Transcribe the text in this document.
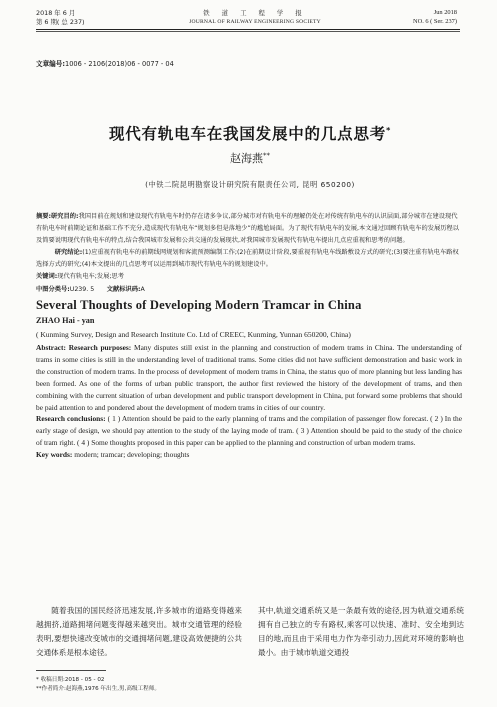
2018 年 6 月
第 6 期( 总 237)
铁 道 工 程 学 报
JOURNAL OF RAILWAY ENGINEERING SOCIETY
Jun 2018
NO. 6 ( Ser. 237)
文章编号:1006 - 2106(2018)06 - 0077 - 04
现代有轨电车在我国发展中的几点思考*
赵海燕**
(中铁二院昆明勘察设计研究院有限责任公司, 昆明 650200)

摘要:研究目的:我国目前在规划和建设现代有轨电车时仍存在诸多争议,部分城市对有轨电车的理解仍处在对传统有轨电车的认识层面,部分城市在建设现代有轨电车时前期论证和基础工作不充分,造成现代有轨电车“规划多但是落地少”的尴尬局面。为了现代有轨电车的发展,本文通过回顾有轨电车的发展历程以及简要说明现代有轨电车的特点,结合我国城市发展和公共交通的发展现状,对我国城市发展现代有轨电车提出几点应重视和思考的问题。

研究结论:(1)应重视有轨电车的前期线网规划和客流预测编制工作;(2)在前期设计阶段,要重视有轨电车线路敷设方式的研究;(3)要注重有轨电车路权选择方式的研究;(4)本文提出的几点思考可以运用到城市现代有轨电车的规划建设中。

关键词:现代有轨电车;发展;思考

中图分类号:U239. 5   文献标识码:A

Several Thoughts of Developing Modern Tramcar in China
ZHAO Hai - yan
( Kunming Survey, Design and Research Institute Co. Ltd of CREEC, Kunming, Yunnan 650200, China)

Abstract: Research purposes: Many disputes still exist in the planning and construction of modern trams in China. The understanding of trams in some cities is still in the understanding level of traditional trams. Some cities did not have sufficient demonstration and basic work in the construction of modern trams. In the process of development of modern trams in China, the status quo of more planning but less landing has been formed. As one of the forms of urban public transport, the author first reviewed the history of the development of trams, and then combining with the current situation of urban development and public transport development in China, put forward some problems that should be paid attention to and pondered about the development of modern trams in cities of our country.

Research conclusions: ( 1 ) Attention should be paid to the early planning of trams and the compilation of passenger flow forecast. ( 2 ) In the early stage of design, we should pay attention to the study of the laying mode of tram. ( 3 ) Attention should be paid to the study of the choice of tram right. ( 4 ) Some thoughts proposed in this paper can be applied to the planning and construction of urban modern trams.

Key words: modern; tramcar; developing; thoughts

随着我国的国民经济迅速发展,许多城市的道路变得越来越拥挤,道路拥堵问题变得越来越突出。城市交通管理的经验表明,要想快速改变城市的交通拥堵问题,建设高效便捷的公共交通体系是根本途径。

其中,轨道交通系统又是一条最有效的途径,因为轨道交通系统拥有自己独立的专有路权,乘客可以快速、准时、安全地到达目的地,而且由于采用电力作为牵引动力,因此对环境的影响也最小。由于城市轨道交通投

* 收稿日期:2018 - 05 - 02
**作者简介:赵海燕,1976 年出生,男,高级工程师。
